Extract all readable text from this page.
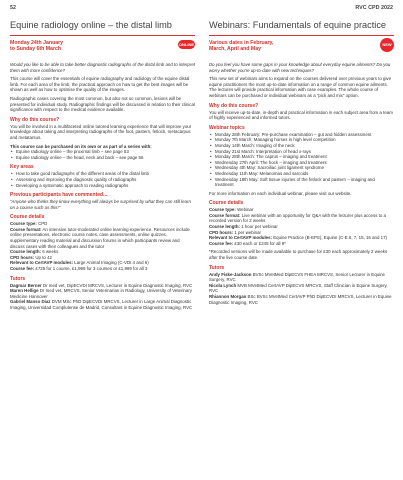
52	RVC CPD 2022
Equine radiology online – the distal limb
Monday 24th January
to Sunday 6th March
ONLINE

Would you like to be able to take better diagnostic radiographs of the distal limb and to interpret them with more confidence?

This course will cover the essentials of equine radiography and radiology of the equine distal limb. For each area of the limb, the practical approach on how to get the best images will be shown as well as how to optimise the quality of the images.

Radiographic cases covering the most common, but also not so common, lesions will be presented for individual study. Radiographic findings will be discussed in relation to their clinical significance with respect to the medical evidence available.

Why do this course?

You will be involved in a multifaceted online tutored learning experience that will improve your knowledge about taking and interpreting radiographs of the foot, pastern, fetlock, metacarpus and metatarsus.

This course can be purchased on its own or as part of a series with:

• Equine radiology online – the proximal limb – see page 53
• Equine radiology online – the head, neck and back – see page 56
Key areas
• How to take good radiographs of the different areas of the distal limb
• Assessing and improving the diagnostic quality of radiographs
• Developing a systematic approach to reading radiographs
Previous participants have commented...

"Anyone who thinks they know everything will always be surprised by what they can still learn on a course such as this!"

Course details

Course type: CPD

Course format: An intensive tutor-moderated online learning experience. Resources include online presentations, electronic course notes, case assessments, online quizzes, supplementary reading material and discussion forums in which participants review and discuss cases with their colleagues and the tutor

Course length: 6 weeks

CPD hours: Up to 42

Relevant to CertAVP modules: Large Animal Imaging (C-VDI.4 and 6)

Course fee: £725 for 1 course, £1,999 for 3 courses or £1,999 for all 3

Tutors

Dagmar Berner Dr med vet, DipECVDI MRCVS, Lecturer in Equine Diagnostic Imaging, RVC

Maren Hellige Dr med vet, MRCVS, Senior Veterinarian in Radiology, University of Veterinary Medicine Hannover

Gabriel Manso Diaz DVM MSc PhD DipECVDI MRCVS, Lecturer in Large Animal Diagnostic Imaging, Universidad Complutense de Madrid, Consultant in Equine Diagnostic Imaging, RVC

Webinars: Fundamentals of equine practice
Various dates in February,
March, April and May
NEW

Do you feel you have some gaps in your knowledge about everyday equine ailments? Do you worry whether you're up-to-date with new techniques?

This new set of webinars aims to expand on the courses delivered over previous years to give equine practitioners the most up-to-date information on a range of common equine ailments. The lectures will provide practical information with case examples. The whole course of webinars can be purchased or individual webinars as a "pick and mix" option.

Why do this course?

You will receive up-to-date, in-depth and practical information in each subject area from a team of highly experienced and informed tutors.

Webinar topics
• Monday 28th February: Pre-purchase examination – gut and hidden assessment
• Monday 7th March: Managing horses in high level competition
• Monday 14th March: Imaging of the neck
• Monday 21st March: Interpretation of head x-rays
• Monday 28th March: The caprus – imaging and treatment
• Wednesday 27th April: The hock – imaging and treatment
• Wednesday 4th May: Sacroiliac joint ligament syndrome
• Wednesday 11th May: Melanomas and sarcoids
• Wednesday 18th May: Soft tissue injuries of the fetlock and pastern – imaging and treatment

For more information on each individual webinar, please visit our website.

Course details

Course type: Webinar

Course format: Live webinar with an opportunity for Q&A with the lecturer plus access to a recorded version for 2 weeks

Course length: 1 hour per webinar

CPD hours: 1 per webinar

Relevant to CertAVP modules: Equine Practice (B-EPS), Equine (C-E.6, 7, 15, 16 and 17)

Course fee: £30 each or £245 for all 9*

*Recorded versions will be made available to purchase for £30 each approximately 2 weeks after the live course date.

Tutors

Andy Fiske-Jackson BVSc MVetMed DipECVS FHEA MRCVS, Senior Lecturer in Equine Surgery, RVC

Nicola Lynch MVB MVetMed CertAVP DipECVS MRCVS, Staff Clinician in Equine Surgery, RVC

Rhiannon Morgan BSc BVSc MVetMed CertAVP PhD DipECVDI MRCVS, Lecturer in Equine Diagnostic Imaging, RVC
